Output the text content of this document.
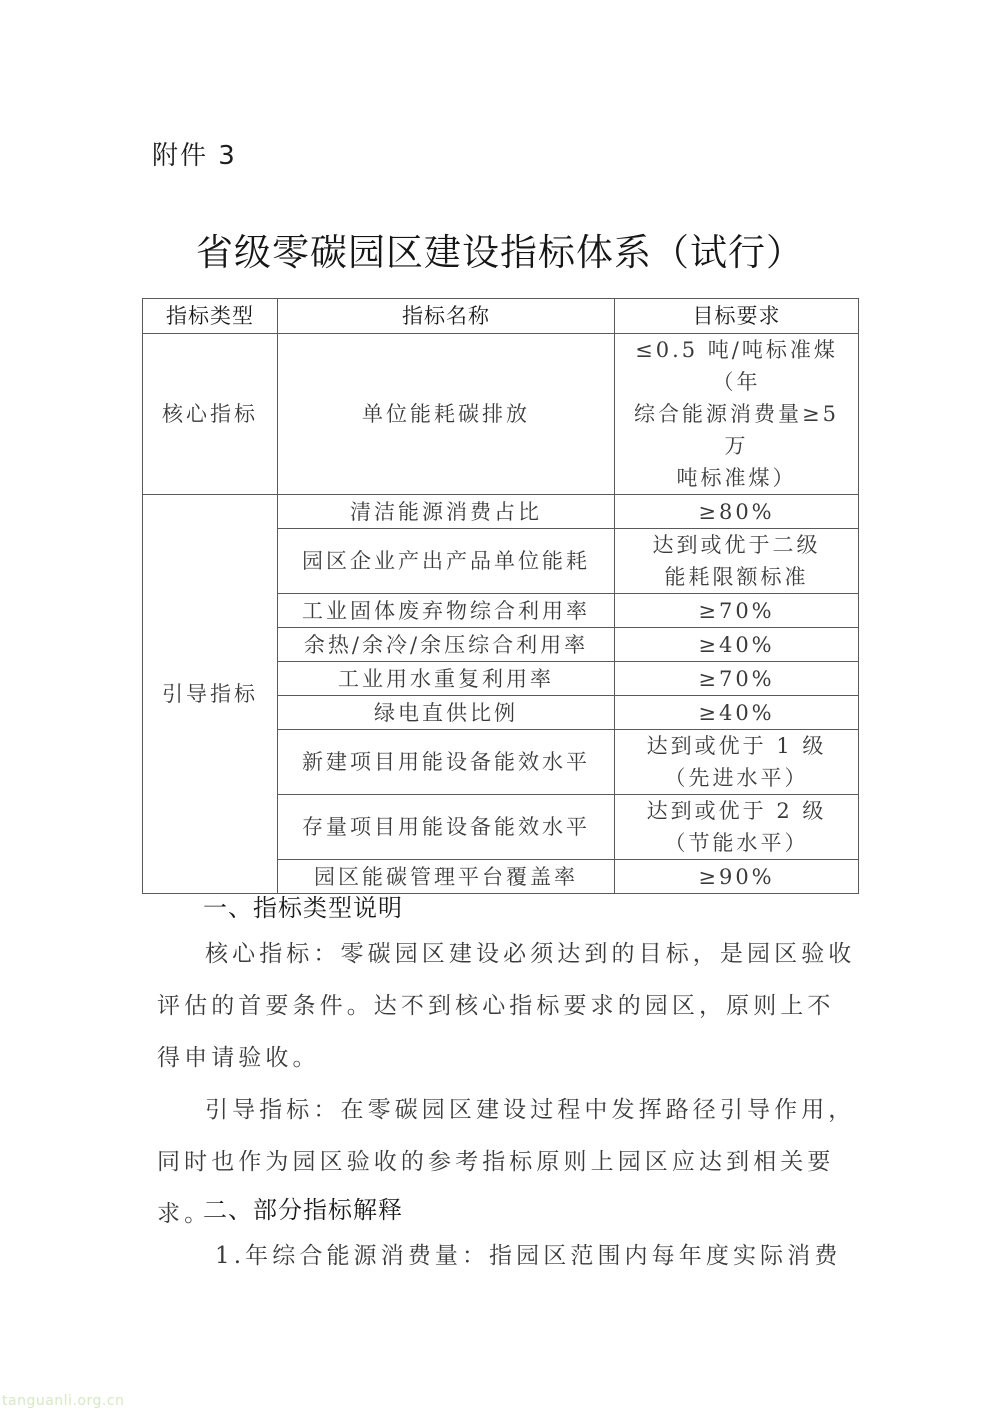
附件 3
省级零碳园区建设指标体系（试行）
指标类型	指标名称	目标要求
核心指标	单位能耗碳排放	≤0.5 吨/吨标准煤（年
综合能源消费量≥5 万
吨标准煤）

引导指标	清洁能源消费占比	≥80%
	园区企业产出产品单位能耗	达到或优于二级
能耗限额标准

	工业固体废弃物综合利用率	≥70%
	余热/余冷/余压综合利用率	≥40%
	工业用水重复利用率	≥70%
	绿电直供比例	≥40%
	新建项目用能设备能效水平	达到或优于 1 级
（先进水平）

	存量项目用能设备能效水平	达到或优于 2 级
（节能水平）

	园区能碳管理平台覆盖率	≥90%
一、指标类型说明
核心指标：零碳园区建设必须达到的目标，是园区验收评估的首要条件。达不到核心指标要求的园区，原则上不得申请验收。
引导指标：在零碳园区建设过程中发挥路径引导作用，同时也作为园区验收的参考指标原则上园区应达到相关要求。
二、部分指标解释
1.年综合能源消费量：指园区范围内每年度实际消费
tanguanli.org.cn
